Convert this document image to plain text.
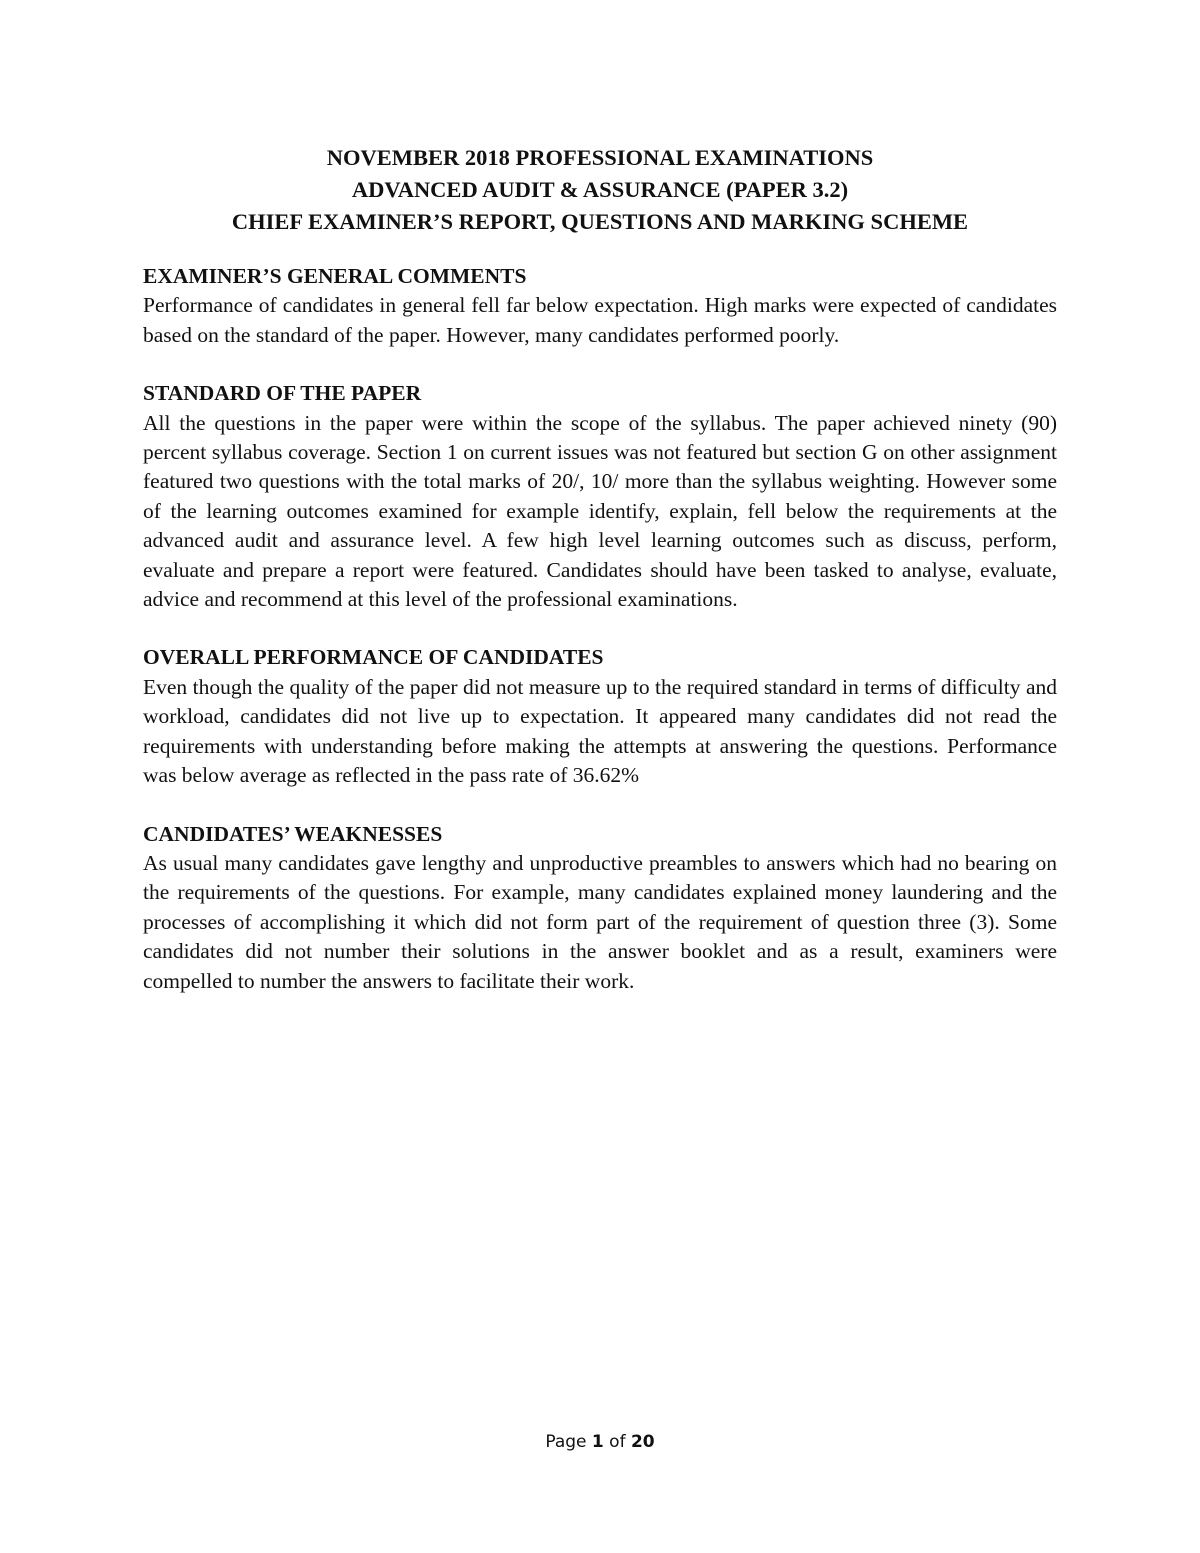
NOVEMBER 2018 PROFESSIONAL EXAMINATIONS
ADVANCED AUDIT & ASSURANCE (PAPER 3.2)
CHIEF EXAMINER’S REPORT, QUESTIONS AND MARKING SCHEME

EXAMINER’S GENERAL COMMENTS

Performance of candidates in general fell far below expectation. High marks were expected of candidates based on the standard of the paper. However, many candidates performed poorly.

STANDARD OF THE PAPER

All the questions in the paper were within the scope of the syllabus. The paper achieved ninety (90) percent syllabus coverage. Section 1 on current issues was not featured but section G on other assignment featured two questions with the total marks of 20/, 10/ more than the syllabus weighting. However some of the learning outcomes examined for example identify, explain, fell below the requirements at the advanced audit and assurance level. A few high level learning outcomes such as discuss, perform, evaluate and prepare a report were featured. Candidates should have been tasked to analyse, evaluate, advice and recommend at this level of the professional examinations.

OVERALL PERFORMANCE OF CANDIDATES

Even though the quality of the paper did not measure up to the required standard in terms of difficulty and workload, candidates did not live up to expectation. It appeared many candidates did not read the requirements with understanding before making the attempts at answering the questions. Performance was below average as reflected in the pass rate of 36.62%

CANDIDATES’ WEAKNESSES

As usual many candidates gave lengthy and unproductive preambles to answers which had no bearing on the requirements of the questions. For example, many candidates explained money laundering and the processes of accomplishing it which did not form part of the requirement of question three (3). Some candidates did not number their solutions in the answer booklet and as a result, examiners were compelled to number the answers to facilitate their work.

Page 1 of 20
